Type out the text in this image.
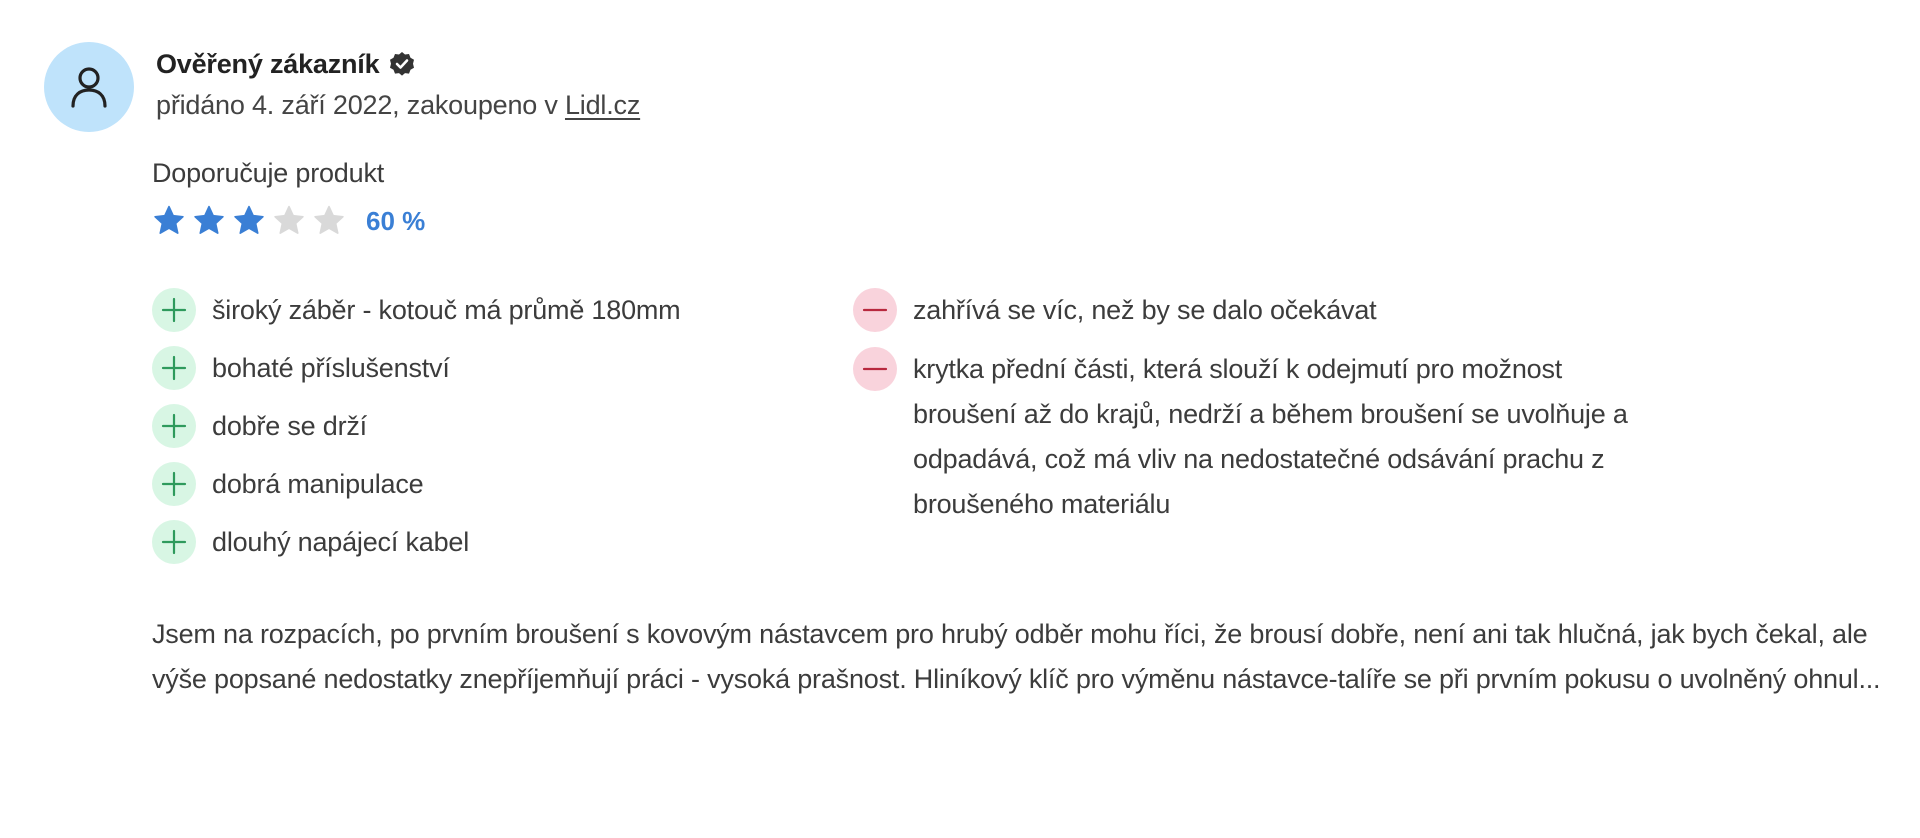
Ověřený zákazník
přidáno 4. září 2022, zakoupeno v Lidl.cz
Doporučuje produkt
60 %
široký záběr - kotouč má průmě 180mm
bohaté příslušenství
dobře se drží
dobrá manipulace
dlouhý napájecí kabel
zahřívá se víc, než by se dalo očekávat
krytka přední části, která slouží k odejmutí pro možnost broušení až do krajů, nedrží a během broušení se uvolňuje a odpadává, což má vliv na nedostatečné odsávání prachu z broušeného materiálu
Jsem na rozpacích, po prvním broušení s kovovým nástavcem pro hrubý odběr mohu říci, že brousí dobře, není ani tak hlučná, jak bych čekal, ale výše popsané nedostatky znepříjemňují práci - vysoká prašnost. Hliníkový klíč pro výměnu nástavce-talíře se při prvním pokusu o uvolněný ohnul...
